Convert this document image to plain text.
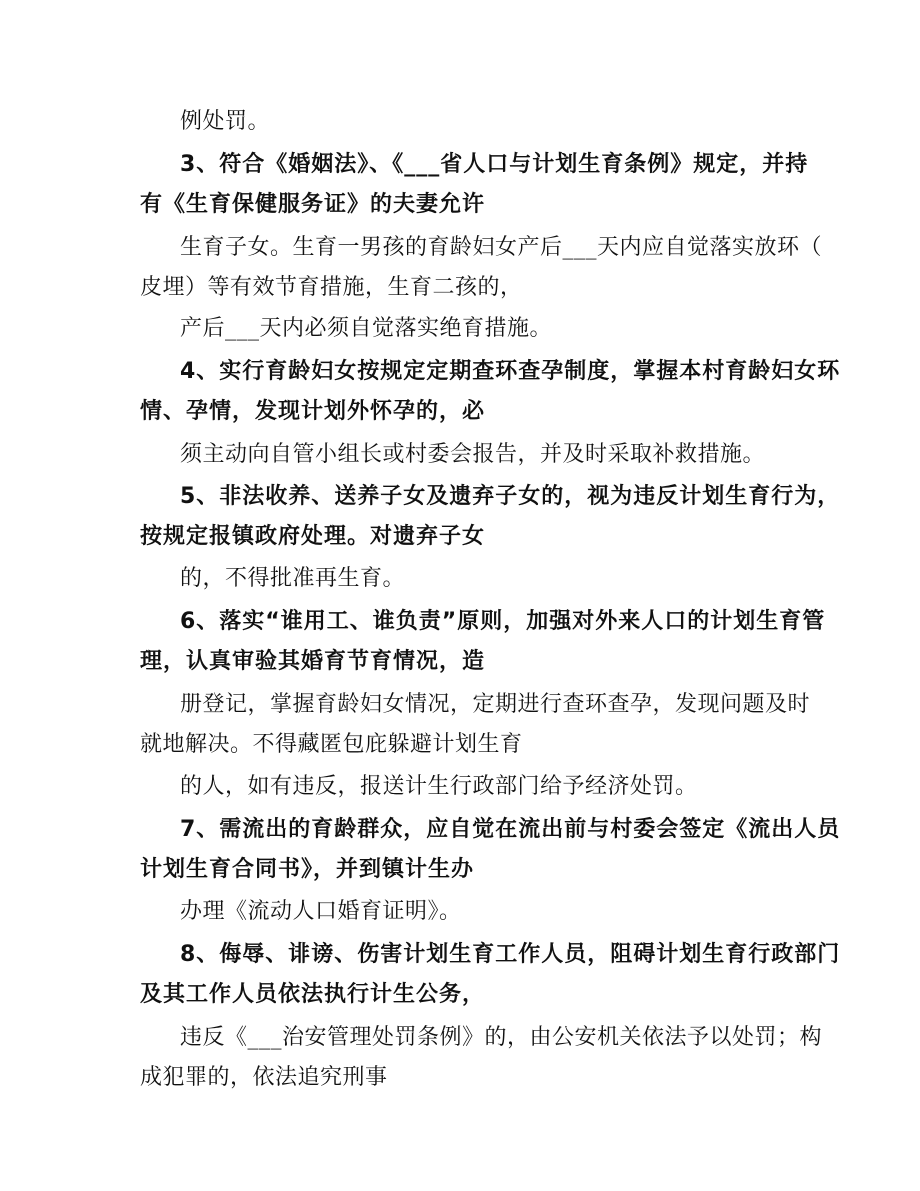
例处罚。
3、符合《婚姻法》、《___省人口与计划生育条例》规定，并持
有《生育保健服务证》的夫妻允许
生育子女。生育一男孩的育龄妇女产后___天内应自觉落实放环（
皮埋）等有效节育措施，生育二孩的，
产后___天内必须自觉落实绝育措施。
4、实行育龄妇女按规定定期查环查孕制度，掌握本村育龄妇女环
情、孕情，发现计划外怀孕的，必
须主动向自管小组长或村委会报告，并及时采取补救措施。
5、非法收养、送养子女及遗弃子女的，视为违反计划生育行为，
按规定报镇政府处理。对遗弃子女
的，不得批准再生育。
6、落实“谁用工、谁负责”原则，加强对外来人口的计划生育管
理，认真审验其婚育节育情况，造
册登记，掌握育龄妇女情况，定期进行查环查孕，发现问题及时
就地解决。不得藏匿包庇躲避计划生育
的人，如有违反，报送计生行政部门给予经济处罚。
7、需流出的育龄群众，应自觉在流出前与村委会签定《流出人员
计划生育合同书》，并到镇计生办
办理《流动人口婚育证明》。
8、侮辱、诽谤、伤害计划生育工作人员，阻碍计划生育行政部门
及其工作人员依法执行计生公务，
违反《___治安管理处罚条例》的，由公安机关依法予以处罚；构
成犯罪的，依法追究刑事
